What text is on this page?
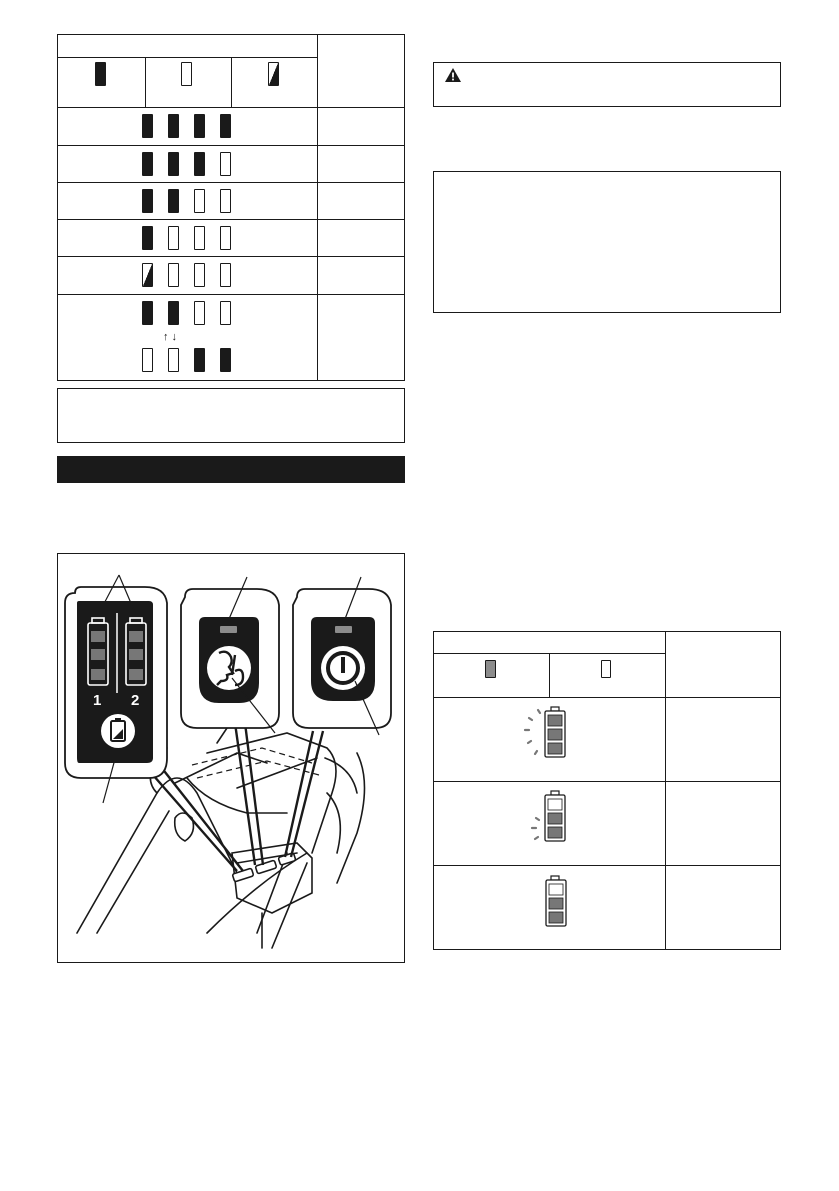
↑ ↓
1 2
